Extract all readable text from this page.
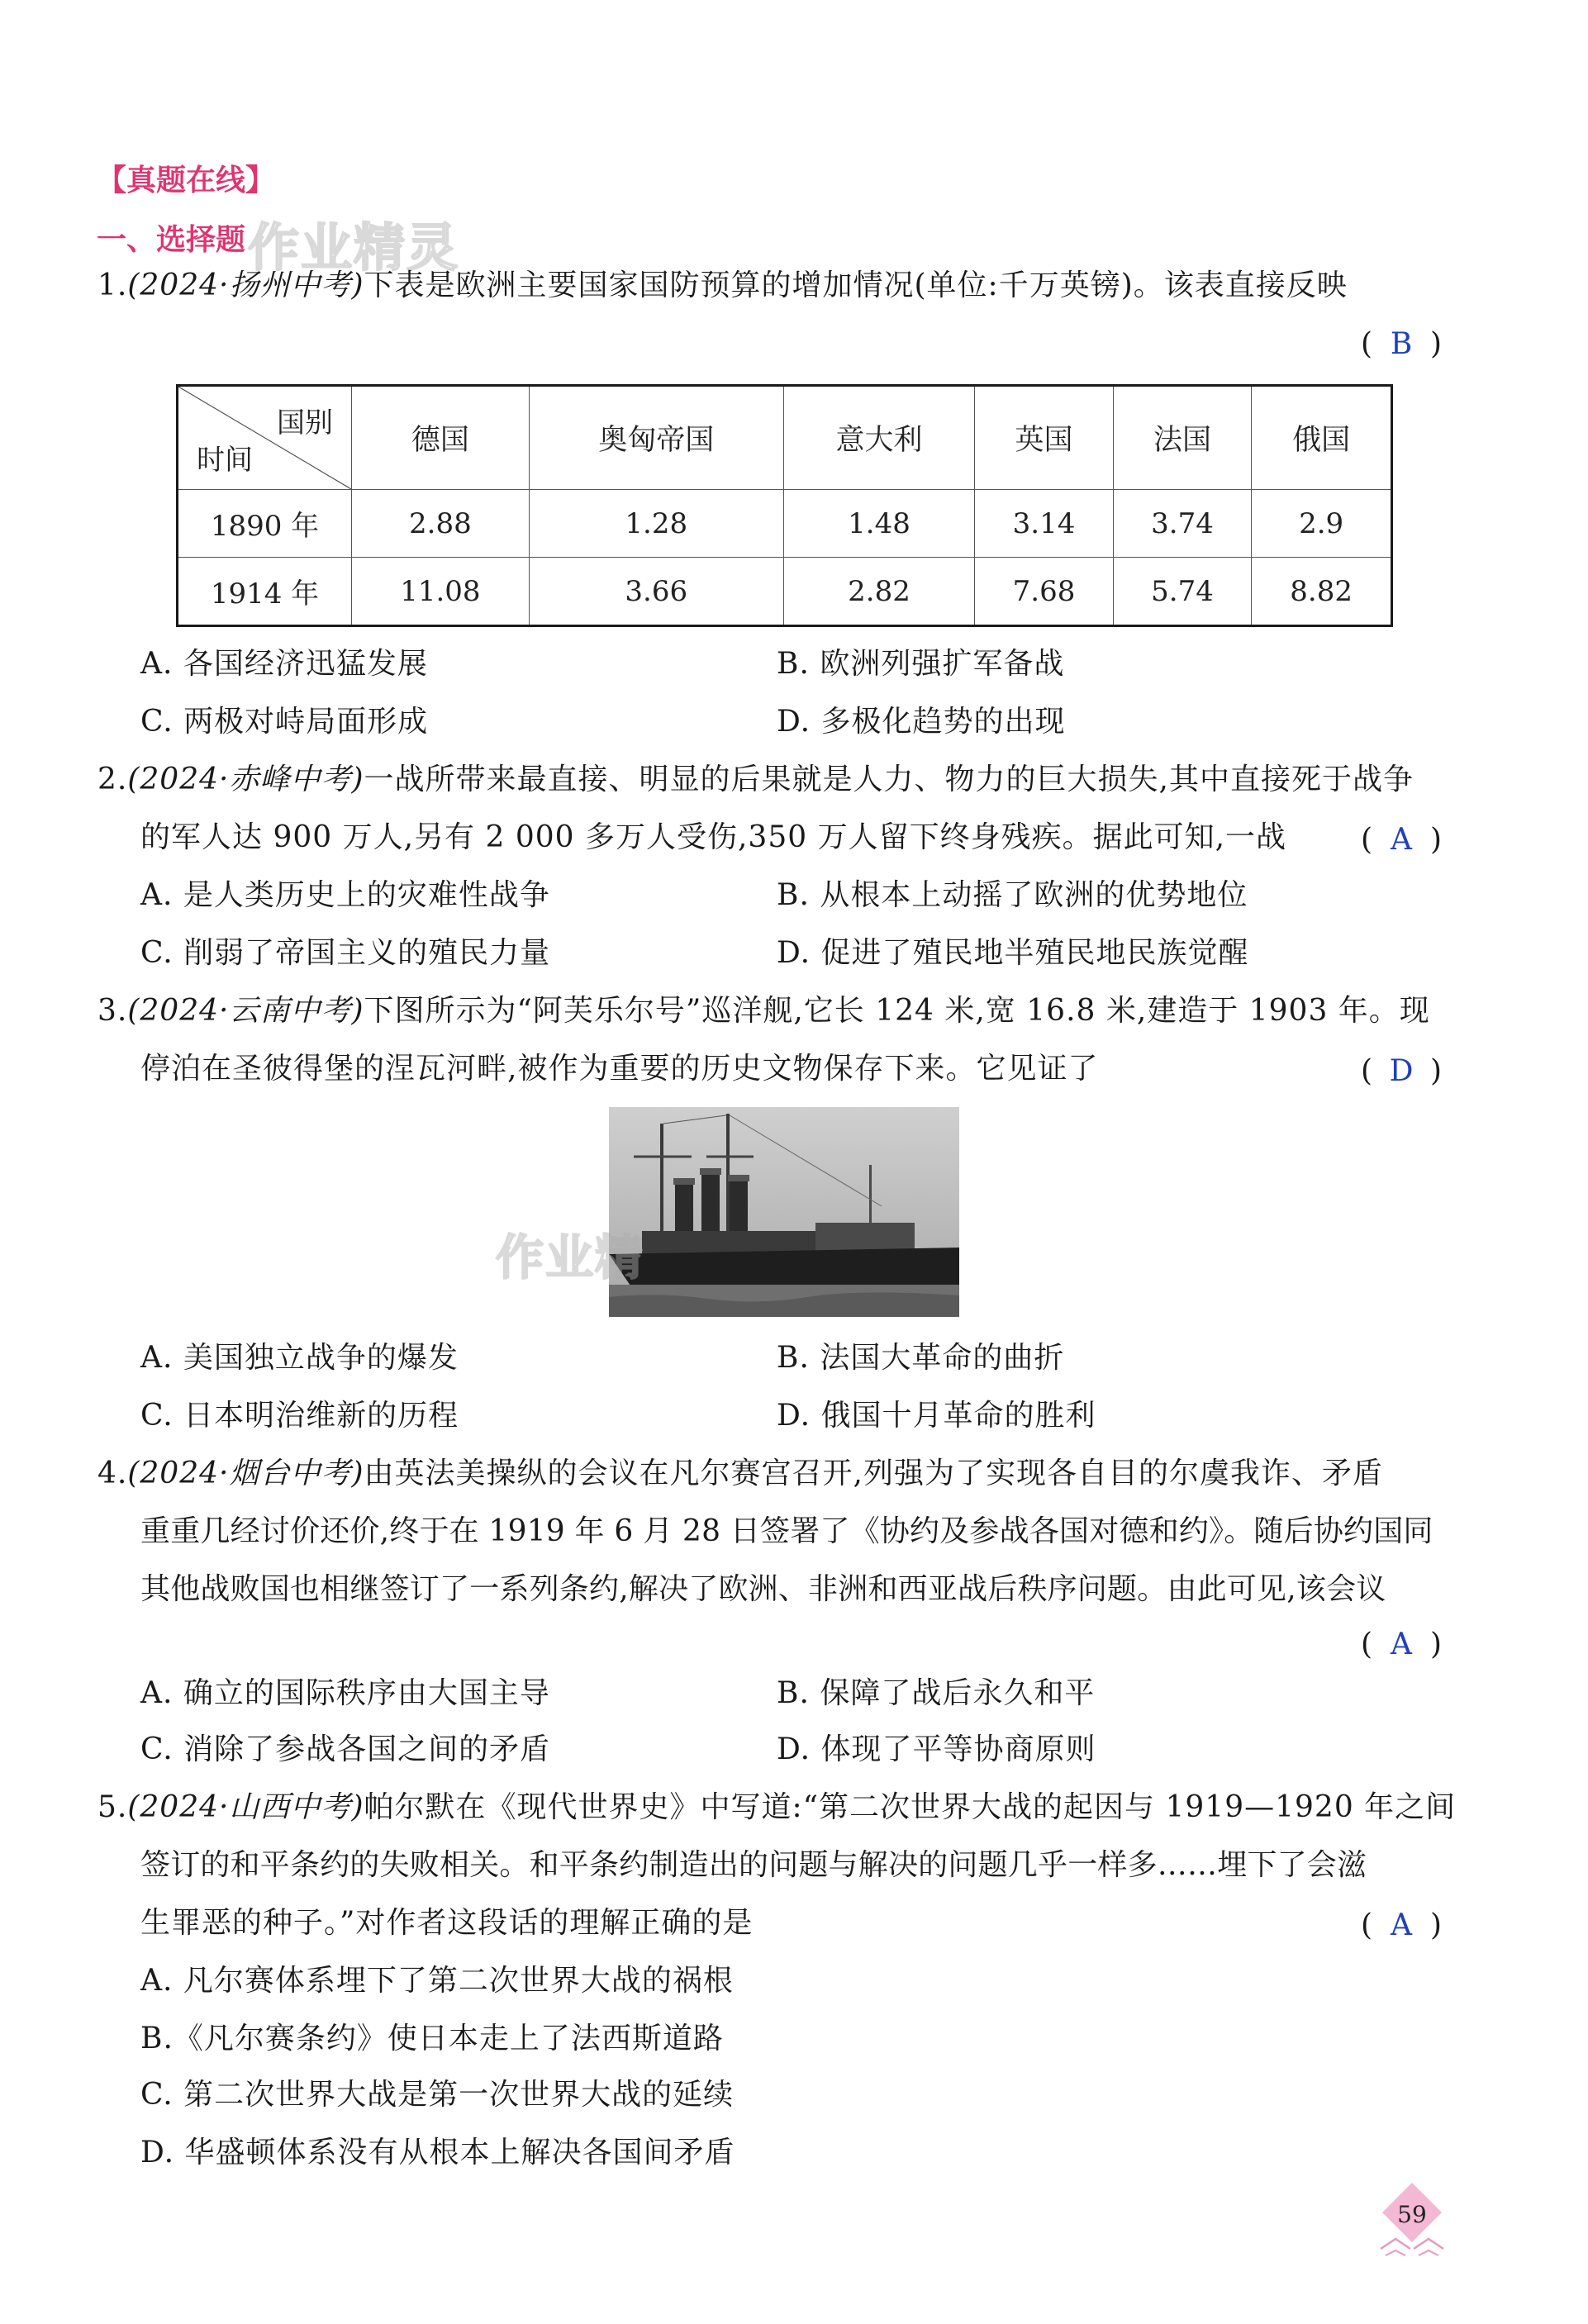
【真题在线】
一、选择题 作业精灵
1.(2024·扬州中考)下表是欧洲主要国家国防预算的增加情况(单位:千万英镑)。该表直接反映
( B )
国别
时间	德国	奥匈帝国	意大利	英国	法国	俄国
1890 年	2.88	1.28	1.48	3.14	3.74	2.9
1914 年	11.08	3.66	2.82	7.68	5.74	8.82
A. 各国经济迅猛发展	B. 欧洲列强扩军备战
C. 两极对峙局面形成	D. 多极化趋势的出现
2.(2024·赤峰中考)一战所带来最直接、明显的后果就是人力、物力的巨大损失,其中直接死于战争
的军人达 900 万人,另有 2 000 多万人受伤,350 万人留下终身残疾。据此可知,一战 ( A )
A. 是人类历史上的灾难性战争	B. 从根本上动摇了欧洲的优势地位
C. 削弱了帝国主义的殖民力量	D. 促进了殖民地半殖民地民族觉醒
3.(2024·云南中考)下图所示为“阿芙乐尔号”巡洋舰,它长 124 米,宽 16.8 米,建造于 1903 年。现
停泊在圣彼得堡的涅瓦河畔,被作为重要的历史文物保存下来。它见证了	( D )
作业精
A. 美国独立战争的爆发	B. 法国大革命的曲折
C. 日本明治维新的历程	D. 俄国十月革命的胜利
4.(2024·烟台中考)由英法美操纵的会议在凡尔赛宫召开,列强为了实现各自目的尔虞我诈、矛盾
重重几经讨价还价,终于在 1919 年 6 月 28 日签署了《协约及参战各国对德和约》。随后协约国同
其他战败国也相继签订了一系列条约,解决了欧洲、非洲和西亚战后秩序问题。由此可见,该会议
( A )
A. 确立的国际秩序由大国主导	B. 保障了战后永久和平
C. 消除了参战各国之间的矛盾	D. 体现了平等协商原则
5.(2024·山西中考)帕尔默在《现代世界史》中写道:“第二次世界大战的起因与 1919—1920 年之间
签订的和平条约的失败相关。和平条约制造出的问题与解决的问题几乎一样多……埋下了会滋
生罪恶的种子。”对作者这段话的理解正确的是	( A )
A. 凡尔赛体系埋下了第二次世界大战的祸根
B.《凡尔赛条约》使日本走上了法西斯道路
C. 第二次世界大战是第一次世界大战的延续
D. 华盛顿体系没有从根本上解决各国间矛盾
59
